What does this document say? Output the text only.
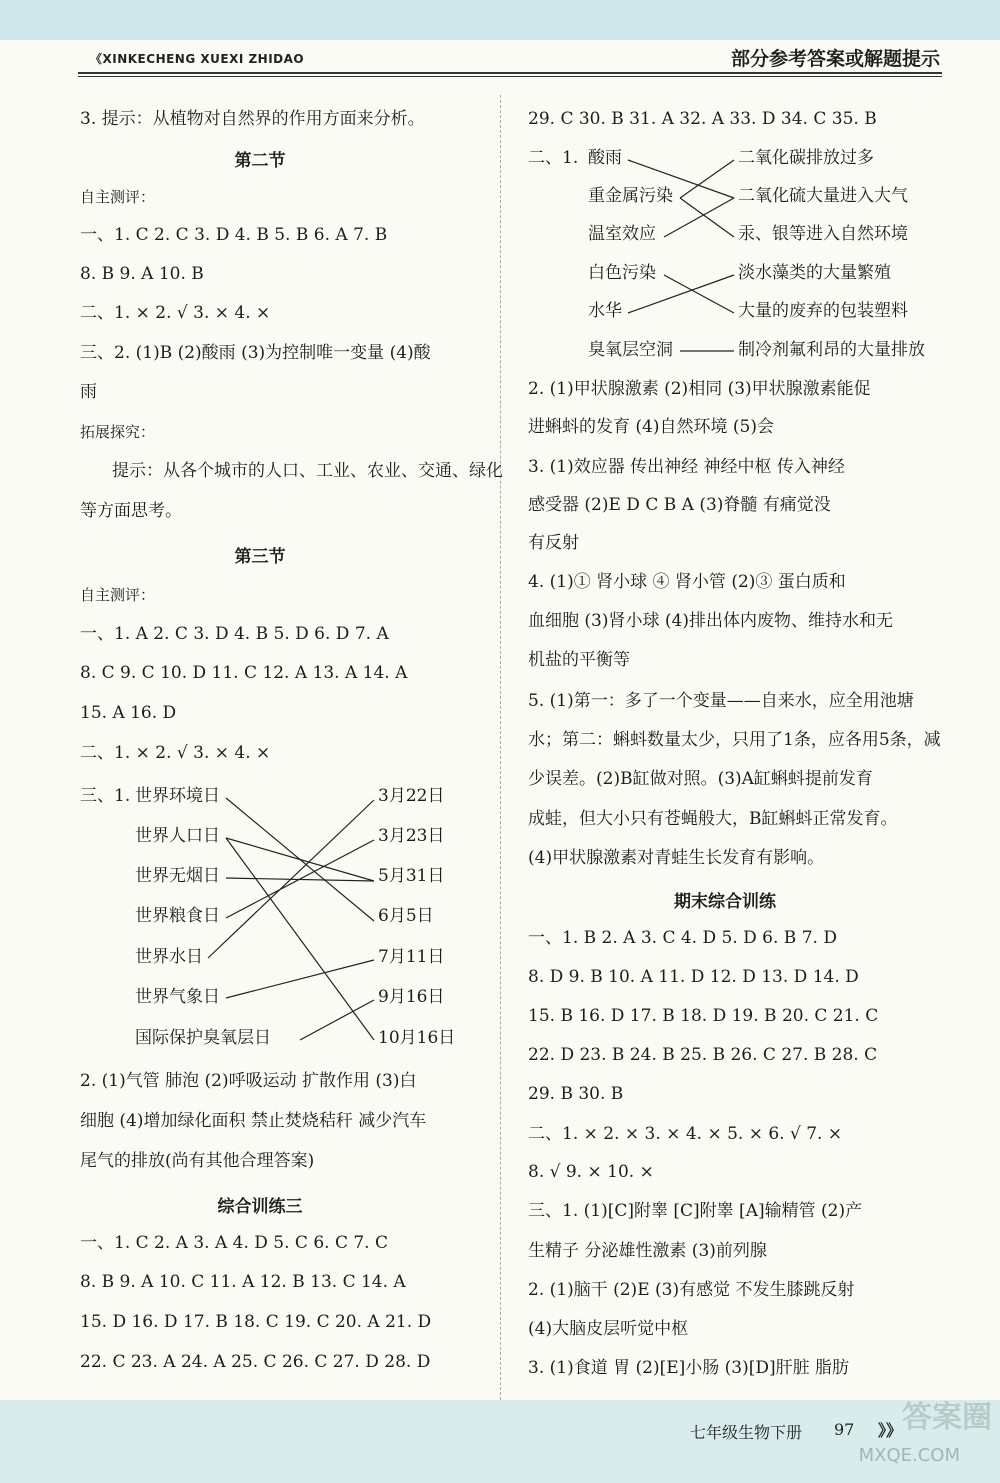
《XINKECHENG XUEXI ZHIDAO	部分参考答案或解题提示
3. 提示：从植物对自然界的作用方面来分析。
第二节
自主测评：
一、1. C 2. C 3. D 4. B 5. B 6. A 7. B
8. B 9. A 10. B
二、1. × 2. √ 3. × 4. ×
三、2. (1)B (2)酸雨 (3)为控制唯一变量 (4)酸
雨
拓展探究：
提示：从各个城市的人口、工业、农业、交通、绿化
等方面思考。
第三节
自主测评：
一、1. A 2. C 3. D 4. B 5. D 6. D 7. A
8. C 9. C 10. D 11. C 12. A 13. A 14. A
15. A 16. D
二、1. × 2. √ 3. × 4. ×
三、1. 世界环境日
世界人口日
世界无烟日
世界粮食日
世界水日
世界气象日
国际保护臭氧层日
3月22日
3月23日
5月31日
6月5日
7月11日
9月16日
10月16日
2. (1)气管 肺泡 (2)呼吸运动 扩散作用 (3)白
细胞 (4)增加绿化面积 禁止焚烧秸秆 减少汽车
尾气的排放(尚有其他合理答案)
综合训练三
一、1. C 2. A 3. A 4. D 5. C 6. C 7. C
8. B 9. A 10. C 11. A 12. B 13. C 14. A
15. D 16. D 17. B 18. C 19. C 20. A 21. D
22. C 23. A 24. A 25. C 26. C 27. D 28. D
29. C 30. B 31. A 32. A 33. D 34. C 35. B
二、1. 酸雨
重金属污染
温室效应
白色污染
水华
臭氧层空洞
二氧化碳排放过多
二氧化硫大量进入大气
汞、银等进入自然环境
淡水藻类的大量繁殖
大量的废弃的包装塑料
制冷剂氟利昂的大量排放
2. (1)甲状腺激素 (2)相同 (3)甲状腺激素能促
进蝌蚪的发育 (4)自然环境 (5)会
3. (1)效应器 传出神经 神经中枢 传入神经
感受器 (2)E D C B A (3)脊髓 有痛觉没
有反射
4. (1)① 肾小球 ④ 肾小管 (2)③ 蛋白质和
血细胞 (3)肾小球 (4)排出体内废物、维持水和无
机盐的平衡等
5. (1)第一：多了一个变量——自来水，应全用池塘
水；第二：蝌蚪数量太少，只用了1条，应各用5条，减
少误差。(2)B缸做对照。(3)A缸蝌蚪提前发育
成蛙，但大小只有苍蝇般大，B缸蝌蚪正常发育。
(4)甲状腺激素对青蛙生长发育有影响。
期末综合训练
一、1. B 2. A 3. C 4. D 5. D 6. B 7. D
8. D 9. B 10. A 11. D 12. D 13. D 14. D
15. B 16. D 17. B 18. D 19. B 20. C 21. C
22. D 23. B 24. B 25. B 26. C 27. B 28. C
29. B 30. B
二、1. × 2. × 3. × 4. × 5. × 6. √ 7. ×
8. √ 9. × 10. ×
三、1. (1)[C]附睾 [C]附睾 [A]输精管 (2)产
生精子 分泌雄性激素 (3)前列腺
2. (1)脑干 (2)E (3)有感觉 不发生膝跳反射
(4)大脑皮层听觉中枢
3. (1)食道 胃 (2)[E]小肠 (3)[D]肝脏 脂肪
七年级生物下册 97 》》 答案圈
MXQE.COM
